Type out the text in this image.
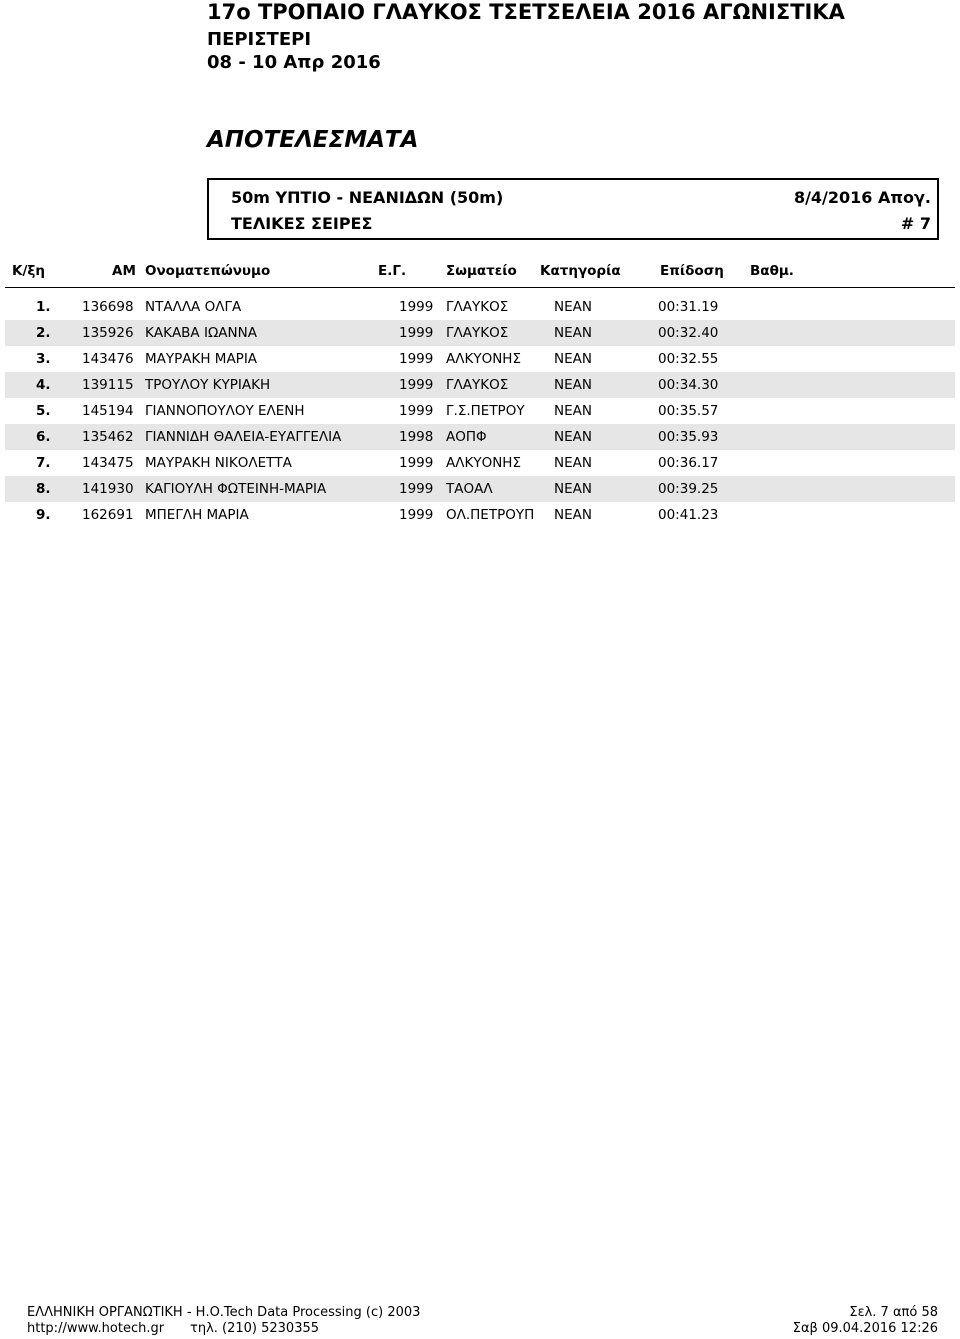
17ο ΤΡΟΠΑΙΟ ΓΛΑΥΚΟΣ ΤΣΕΤΣΕΛΕΙΑ 2016 ΑΓΩΝΙΣΤΙΚΑ
ΠΕΡΙΣΤΕΡΙ
08 - 10 Απρ 2016
ΑΠΟΤΕΛΕΣΜΑΤΑ
50m ΥΠΤΙΟ - ΝΕΑΝΙΔΩΝ (50m)	8/4/2016 Απογ.
ΤΕΛΙΚΕΣ ΣΕΙΡΕΣ	# 7
Κ/ξη	ΑΜ Ονοματεπώνυμο	Ε.Γ.	Σωματείο Κατηγορία	Επίδοση Βαθμ.
1. 136698 ΝΤΑΛΛΑ ΟΛΓΑ	1999 ΓΛΑΥΚΟΣ	ΝΕΑΝ	00:31.19
2. 135926 ΚΑΚΑΒΑ ΙΩΑΝΝΑ	1999 ΓΛΑΥΚΟΣ	ΝΕΑΝ	00:32.40
3. 143476 ΜΑΥΡΑΚΗ ΜΑΡΙΑ	1999 ΑΛΚΥΟΝΗΣ ΝΕΑΝ	00:32.55
4. 139115 ΤΡΟΥΛΟΥ ΚΥΡΙΑΚΗ	1999 ΓΛΑΥΚΟΣ	ΝΕΑΝ	00:34.30
5. 145194 ΓΙΑΝΝΟΠΟΥΛΟΥ ΕΛΕΝΗ	1999 Γ.Σ.ΠΕΤΡΟΥ ΝΕΑΝ	00:35.57
6. 135462 ΓΙΑΝΝΙΔΗ ΘΑΛΕΙΑ-ΕΥΑΓΓΕΛΙΑ	1998 ΑΟΠΦ	ΝΕΑΝ	00:35.93
7. 143475 ΜΑΥΡΑΚΗ ΝΙΚΟΛΕΤΤΑ	1999 ΑΛΚΥΟΝΗΣ ΝΕΑΝ	00:36.17
8. 141930 ΚΑΓΙΟΥΛΗ ΦΩΤΕΙΝΗ-ΜΑΡΙΑ	1999 ΤΑΟΑΛ	ΝΕΑΝ	00:39.25
9. 162691 ΜΠΕΓΛΗ ΜΑΡΙΑ	1999 ΟΛ.ΠΕΤΡΟΥΠ ΝΕΑΝ	00:41.23
ΕΛΛΗΝΙΚΗ ΟΡΓΑΝΩΤΙΚΗ - Η.Ο.Tech Data Processing (c) 2003
http://www.hotech.gr τηλ. (210) 5230355
Σελ. 7 από 58
Σαβ 09.04.2016 12:26
